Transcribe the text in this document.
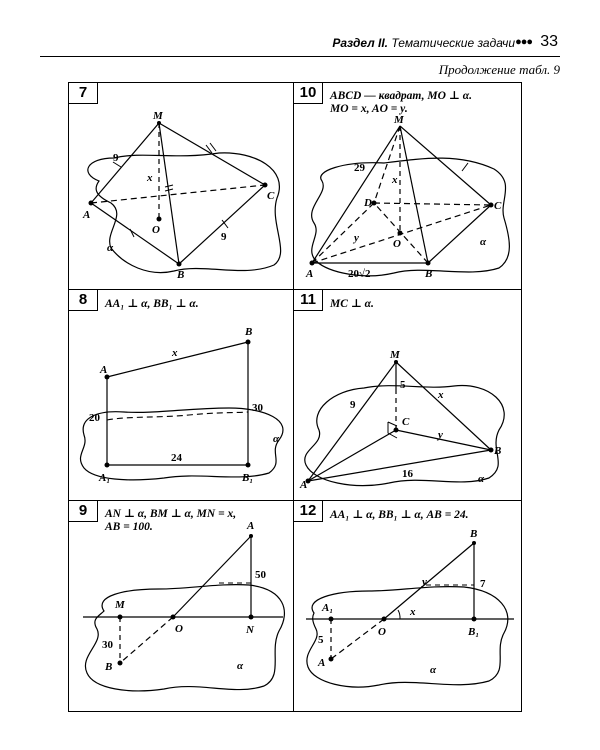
Раздел II. Тематические задачи ●●● 33
Продолжение табл. 9
7
M
A
B
C
O
x
9
9
α
10	ABCD — квадрат, MO ⊥ α.
MO = x, AO = y.
M
A	B
C
D
O
x
y
29
20√2
α
8	AA₁ ⊥ α, BB₁ ⊥ α.
A
B
A₁	B₁
x
20
30
24
α
11	MC ⊥ α.
M
A
B
C
x
y
9
5
16	α
9	AN ⊥ α, BM ⊥ α, MN = x,
AB = 100.	A
B
M
N
O
50
30
α
12	AA₁ ⊥ α, BB₁ ⊥ α, AB = 24.
B
B₁
A₁
A
O
y
x
7
5
α
